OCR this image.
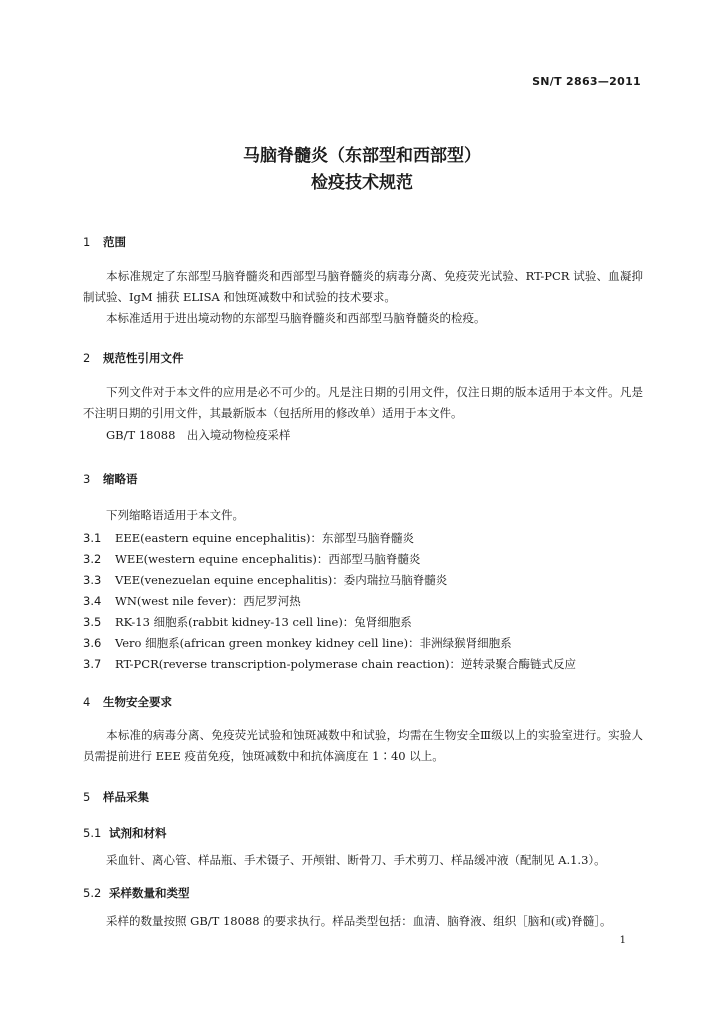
SN/T 2863—2011
马脑脊髓炎（东部型和西部型）
检疫技术规范
1 范围
本标准规定了东部型马脑脊髓炎和西部型马脑脊髓炎的病毒分离、免疫荧光试验、RT-PCR 试验、血凝抑制试验、IgM 捕获 ELISA 和蚀斑减数中和试验的技术要求。
本标准适用于进出境动物的东部型马脑脊髓炎和西部型马脑脊髓炎的检疫。
2 规范性引用文件
下列文件对于本文件的应用是必不可少的。凡是注日期的引用文件，仅注日期的版本适用于本文件。凡是不注明日期的引用文件，其最新版本（包括所用的修改单）适用于本文件。
GB/T 18088　出入境动物检疫采样
3 缩略语
下列缩略语适用于本文件。
3.1 EEE(eastern equine encephalitis)：东部型马脑脊髓炎
3.2 WEE(western equine encephalitis)：西部型马脑脊髓炎
3.3 VEE(venezuelan equine encephalitis)：委内瑞拉马脑脊髓炎
3.4 WN(west nile fever)：西尼罗河热
3.5 RK-13 细胞系(rabbit kidney-13 cell line)：兔肾细胞系
3.6 Vero 细胞系(african green monkey kidney cell line)：非洲绿猴肾细胞系
3.7 RT-PCR(reverse transcription-polymerase chain reaction)：逆转录聚合酶链式反应
4 生物安全要求
本标准的病毒分离、免疫荧光试验和蚀斑减数中和试验，均需在生物安全Ⅲ级以上的实验室进行。实验人员需提前进行 EEE 疫苗免疫，蚀斑减数中和抗体滴度在 1∶40 以上。
5 样品采集
5.1 试剂和材料
采血针、离心管、样品瓶、手术镊子、开颅钳、断骨刀、手术剪刀、样品缓冲液（配制见 A.1.3）。
5.2 采样数量和类型
采样的数量按照 GB/T 18088 的要求执行。样品类型包括：血清、脑脊液、组织［脑和(或)脊髓］。
1
